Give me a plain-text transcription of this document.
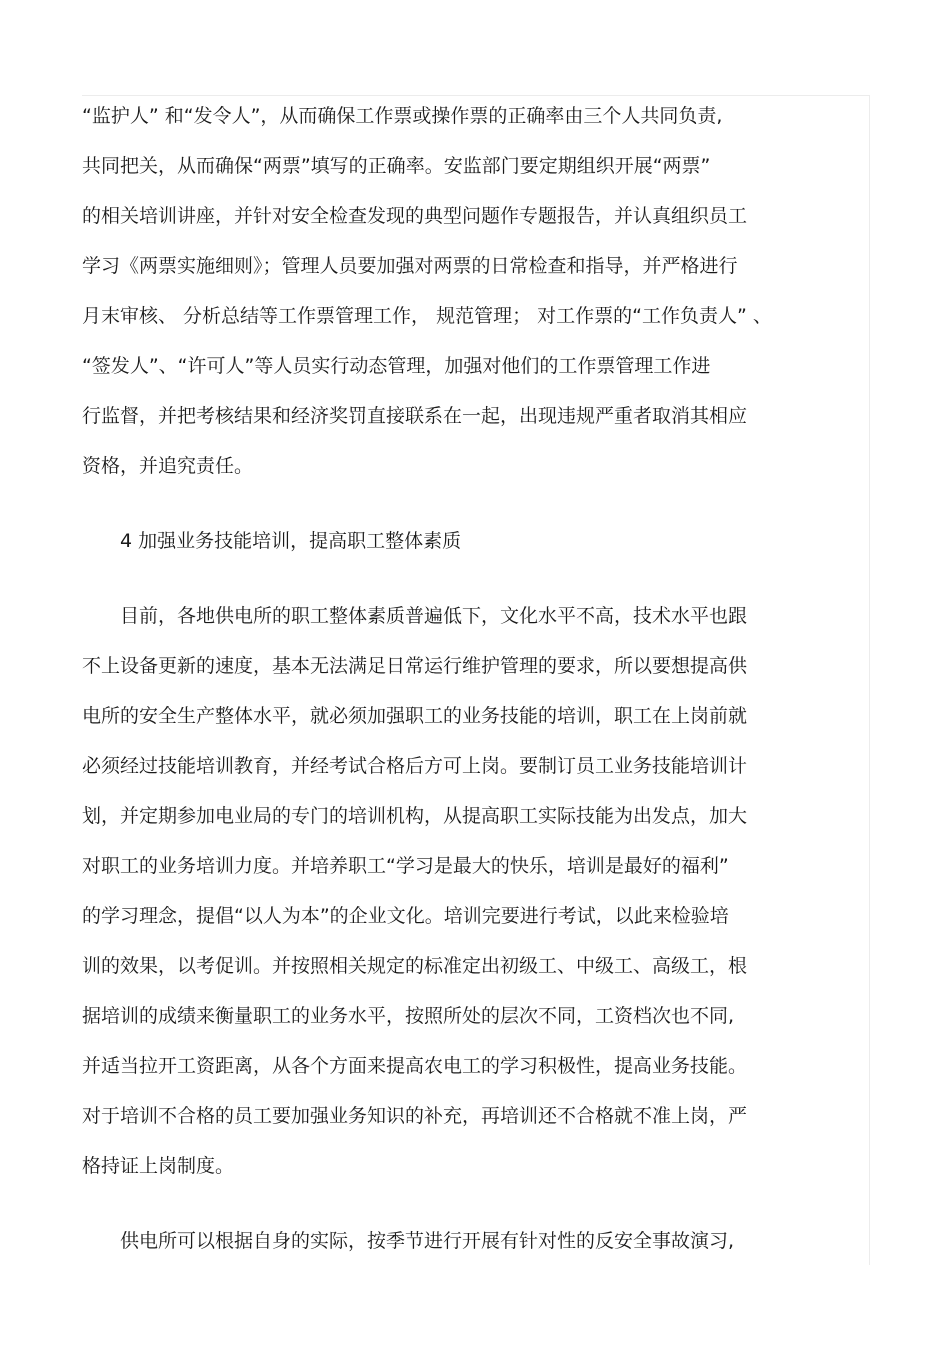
“监护人” 和“发令人”，从而确保工作票或操作票的正确率由三个人共同负责,
共同把关，从而确保“两票”填写的正确率。安监部门要定期组织开展“两票”
的相关培训讲座，并针对安全检查发现的典型问题作专题报告，并认真组织员工
学习《两票实施细则》；管理人员要加强对两票的日常检查和指导，并严格进行
月末审核、 分析总结等工作票管理工作， 规范管理； 对工作票的“工作负责人” 、
“签发人”、“许可人”等人员实行动态管理，加强对他们的工作票管理工作进
行监督，并把考核结果和经济奖罚直接联系在一起，出现违规严重者取消其相应
资格，并追究责任。
4 加强业务技能培训，提高职工整体素质
目前，各地供电所的职工整体素质普遍低下，文化水平不高，技术水平也跟
不上设备更新的速度，基本无法满足日常运行维护管理的要求，所以要想提高供
电所的安全生产整体水平，就必须加强职工的业务技能的培训，职工在上岗前就
必须经过技能培训教育，并经考试合格后方可上岗。要制订员工业务技能培训计
划，并定期参加电业局的专门的培训机构，从提高职工实际技能为出发点，加大
对职工的业务培训力度。并培养职工“学习是最大的快乐，培训是最好的福利”
的学习理念，提倡“以人为本”的企业文化。培训完要进行考试，以此来检验培
训的效果，以考促训。并按照相关规定的标准定出初级工、中级工、高级工，根
据培训的成绩来衡量职工的业务水平，按照所处的层次不同，工资档次也不同,
并适当拉开工资距离，从各个方面来提高农电工的学习积极性，提高业务技能。
对于培训不合格的员工要加强业务知识的补充，再培训还不合格就不准上岗，严
格持证上岗制度。
供电所可以根据自身的实际，按季节进行开展有针对性的反安全事故演习,
